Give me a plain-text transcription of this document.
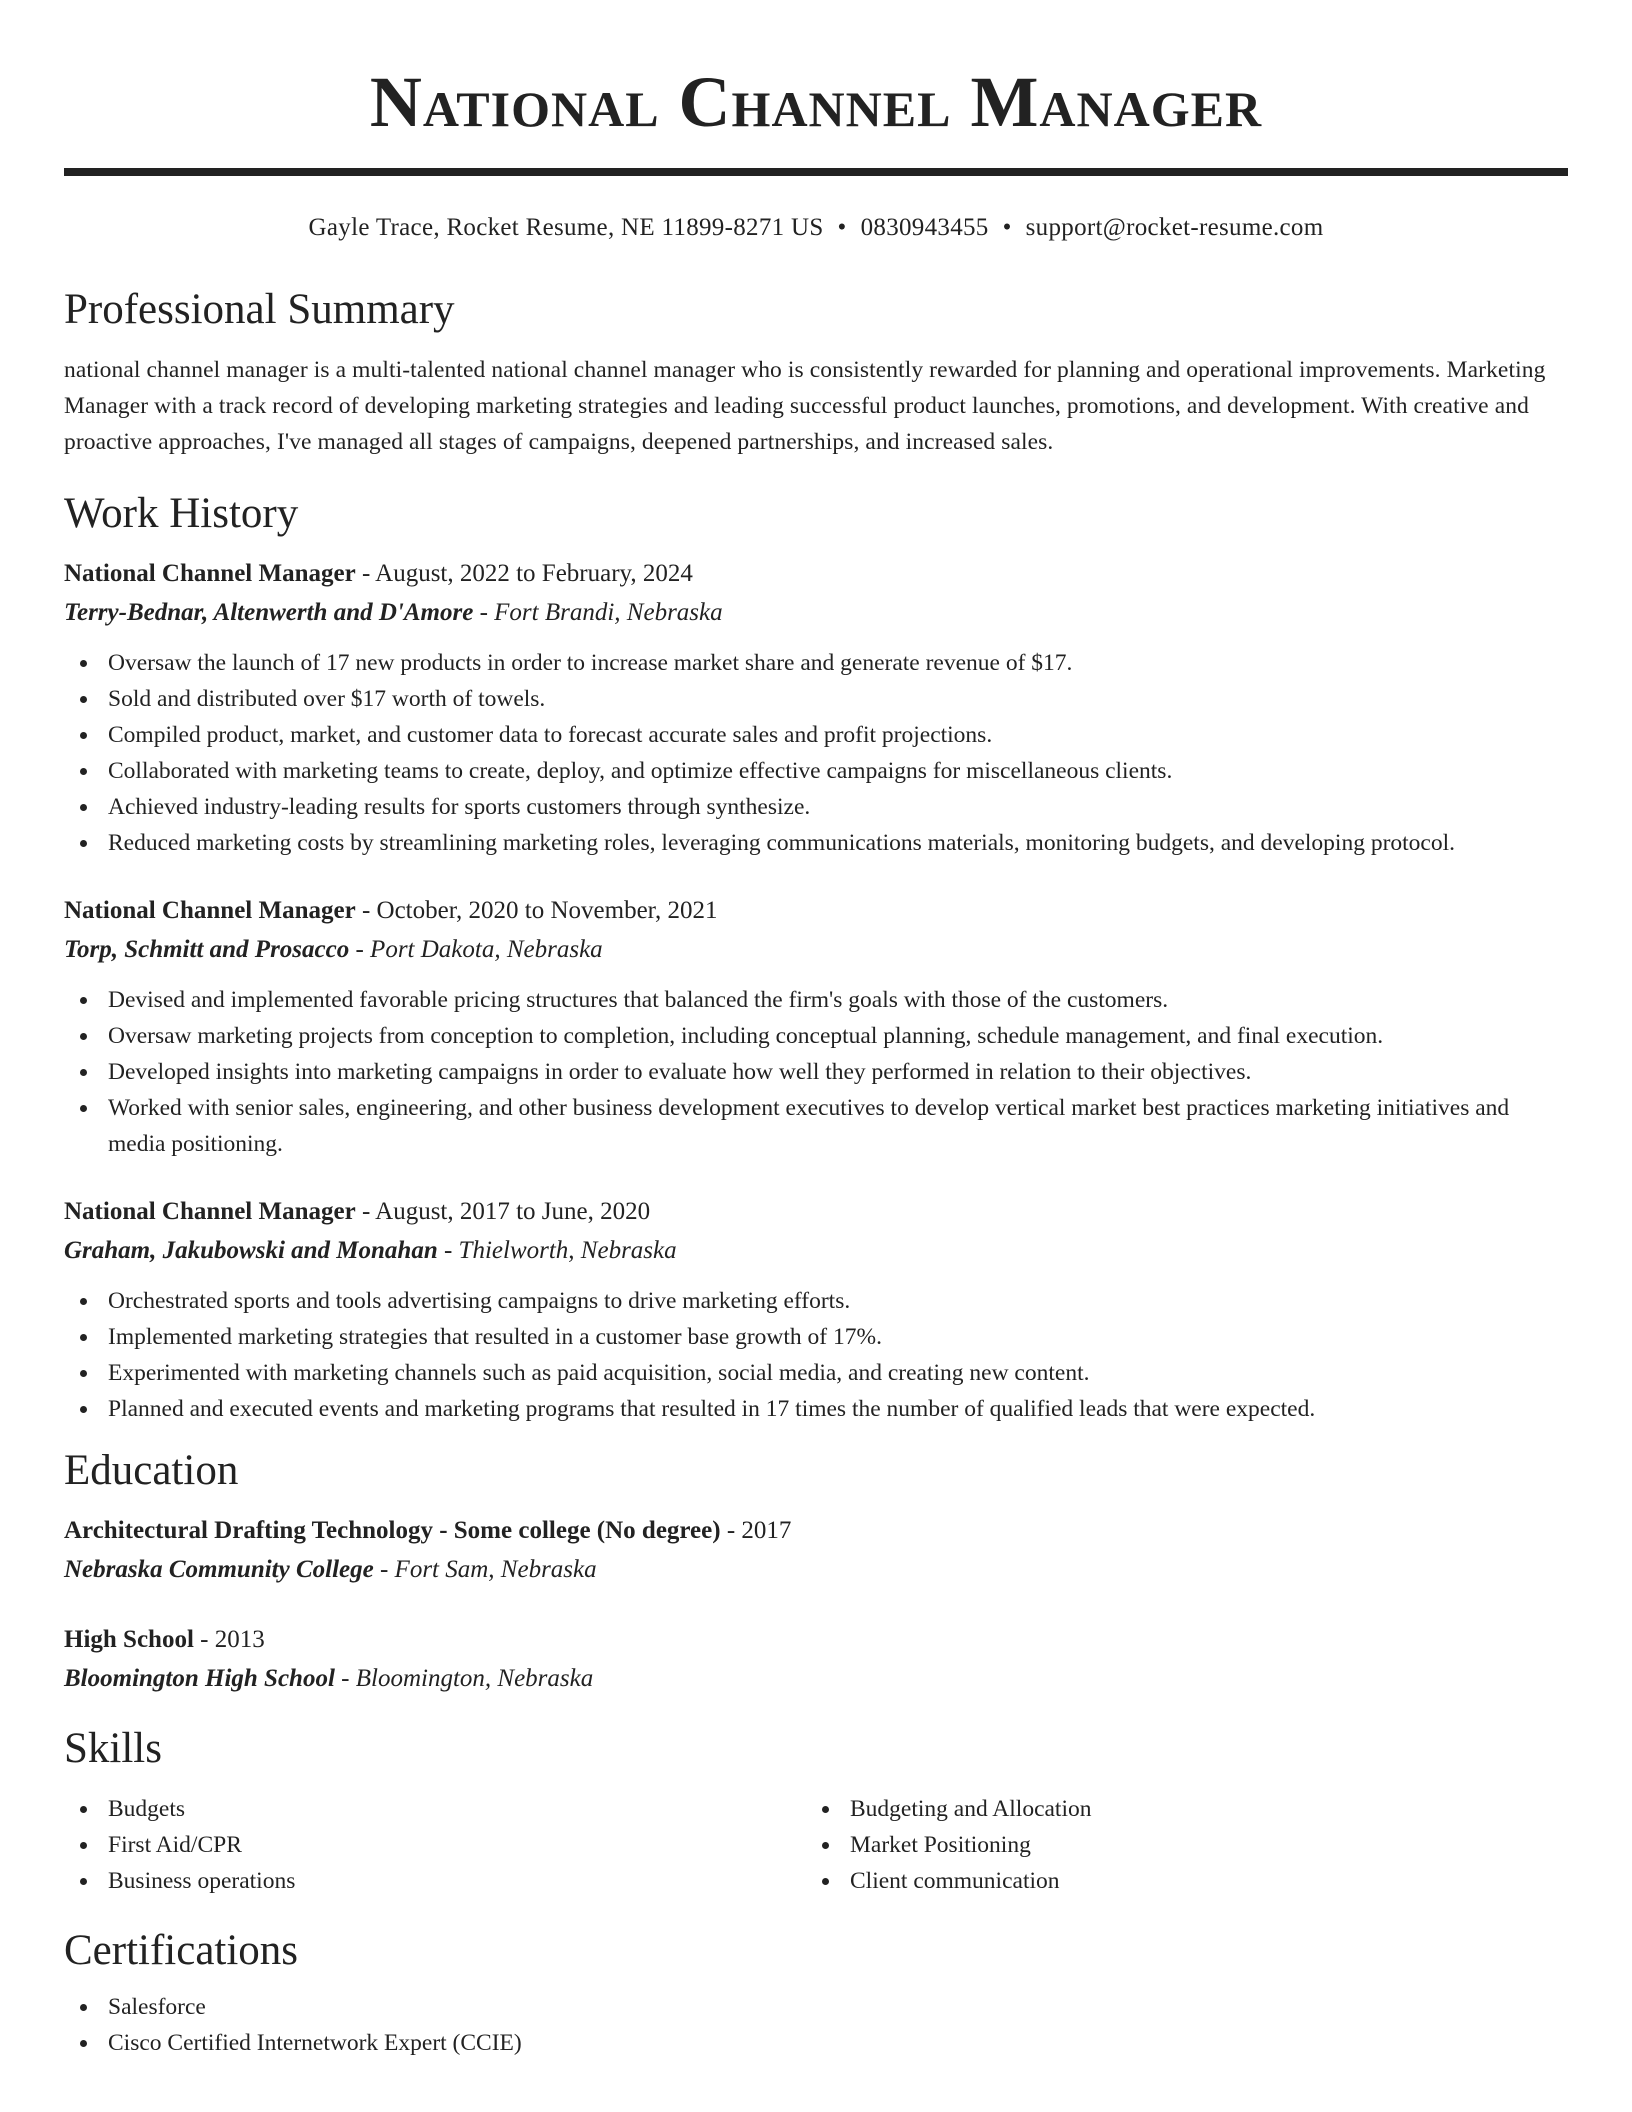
National Channel Manager
Gayle Trace, Rocket Resume, NE 11899-8271 US • 0830943455 • support@rocket-resume.com
Professional Summary

national channel manager is a multi-talented national channel manager who is consistently rewarded for planning and operational improvements. Marketing Manager with a track record of developing marketing strategies and leading successful product launches, promotions, and development. With creative and proactive approaches, I've managed all stages of campaigns, deepened partnerships, and increased sales.

Work History
National Channel Manager - August, 2022 to February, 2024
Terry-Bednar, Altenwerth and D'Amore - Fort Brandi, Nebraska
Oversaw the launch of 17 new products in order to increase market share and generate revenue of $17.
Sold and distributed over $17 worth of towels.
Compiled product, market, and customer data to forecast accurate sales and profit projections.
Collaborated with marketing teams to create, deploy, and optimize effective campaigns for miscellaneous clients.
Achieved industry-leading results for sports customers through synthesize.
Reduced marketing costs by streamlining marketing roles, leveraging communications materials, monitoring budgets, and developing protocol.
National Channel Manager - October, 2020 to November, 2021
Torp, Schmitt and Prosacco - Port Dakota, Nebraska
Devised and implemented favorable pricing structures that balanced the firm's goals with those of the customers.
Oversaw marketing projects from conception to completion, including conceptual planning, schedule management, and final execution.
Developed insights into marketing campaigns in order to evaluate how well they performed in relation to their objectives.
Worked with senior sales, engineering, and other business development executives to develop vertical market best practices marketing initiatives and media positioning.
National Channel Manager - August, 2017 to June, 2020
Graham, Jakubowski and Monahan - Thielworth, Nebraska
Orchestrated sports and tools advertising campaigns to drive marketing efforts.
Implemented marketing strategies that resulted in a customer base growth of 17%.
Experimented with marketing channels such as paid acquisition, social media, and creating new content.
Planned and executed events and marketing programs that resulted in 17 times the number of qualified leads that were expected.
Education
Architectural Drafting Technology - Some college (No degree) - 2017
Nebraska Community College - Fort Sam, Nebraska
High School - 2013
Bloomington High School - Bloomington, Nebraska
Skills
Budgets
First Aid/CPR
Business operations
Budgeting and Allocation
Market Positioning
Client communication
Certifications
Salesforce
Cisco Certified Internetwork Expert (CCIE)
